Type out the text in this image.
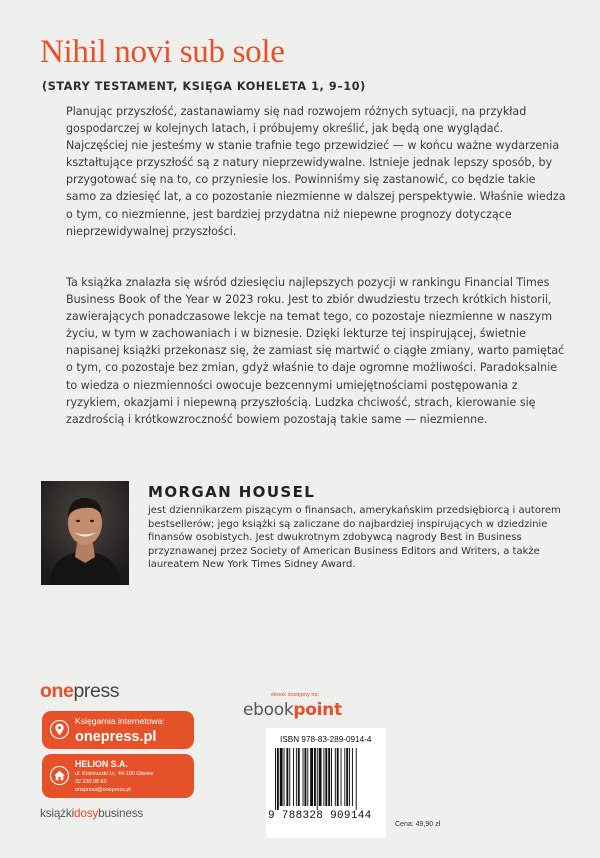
Nihil novi sub sole
(STARY TESTAMENT, KSIĘGA KOHELETA 1, 9–10)

Planując przyszłość, zastanawiamy się nad rozwojem różnych sytuacji, na przykład gospodarczej w kolejnych latach, i próbujemy określić, jak będą one wyglądać. Najczęściej nie jesteśmy w stanie trafnie tego przewidzieć — w końcu ważne wydarzenia kształtujące przyszłość są z natury nieprzewidywalne. Istnieje jednak lepszy sposób, by przygotować się na to, co przyniesie los. Powinniśmy się zastanowić, co będzie takie samo za dziesięć lat, a co pozostanie niezmienne w dalszej perspektywie. Właśnie wiedza o tym, co niezmienne, jest bardziej przydatna niż niepewne prognozy dotyczące nieprzewidywalnej przyszłości.

Ta książka znalazła się wśród dziesięciu najlepszych pozycji w rankingu Financial Times Business Book of the Year w 2023 roku. Jest to zbiór dwudziestu trzech krótkich historii, zawierających ponadczasowe lekcje na temat tego, co pozostaje niezmienne w naszym życiu, w tym w zachowaniach i w biznesie. Dzięki lekturze tej inspirującej, świetnie napisanej książki przekonasz się, że zamiast się martwić o ciągłe zmiany, warto pamiętać o tym, co pozostaje bez zmian, gdyż właśnie to daje ogromne możliwości. Paradoksalnie to wiedza o niezmienności owocuje bezcennymi umiejętnościami postępowania z ryzykiem, okazjami i niepewną przyszłością. Ludzka chciwość, strach, kierowanie się zazdrością i krótkowzroczność bowiem pozostają takie same — niezmienne.

MORGAN HOUSEL

jest dziennikarzem piszącym o finansach, amerykańskim przedsiębiorcą i autorem bestsellerów; jego książki są zaliczane do najbardziej inspirujących w dziedzinie finansów osobistych. Jest dwukrotnym zdobywcą nagrody Best in Business przyznawanej przez Society of American Business Editors and Writers, a także laureatem New York Times Sidney Award.

onepress
Księgarnia internetowa:
onepress.pl
HELION S.A.
ul. Kościuszki 1c, 44-100 Gliwice
32 230 98 63
onepress@onepress.pl
książkidosybusiness
ebook dostępny na:
ebookpoint
ISBN 978-83-289-0914-4
9 788328 909144
Cena: 49,90 zł
